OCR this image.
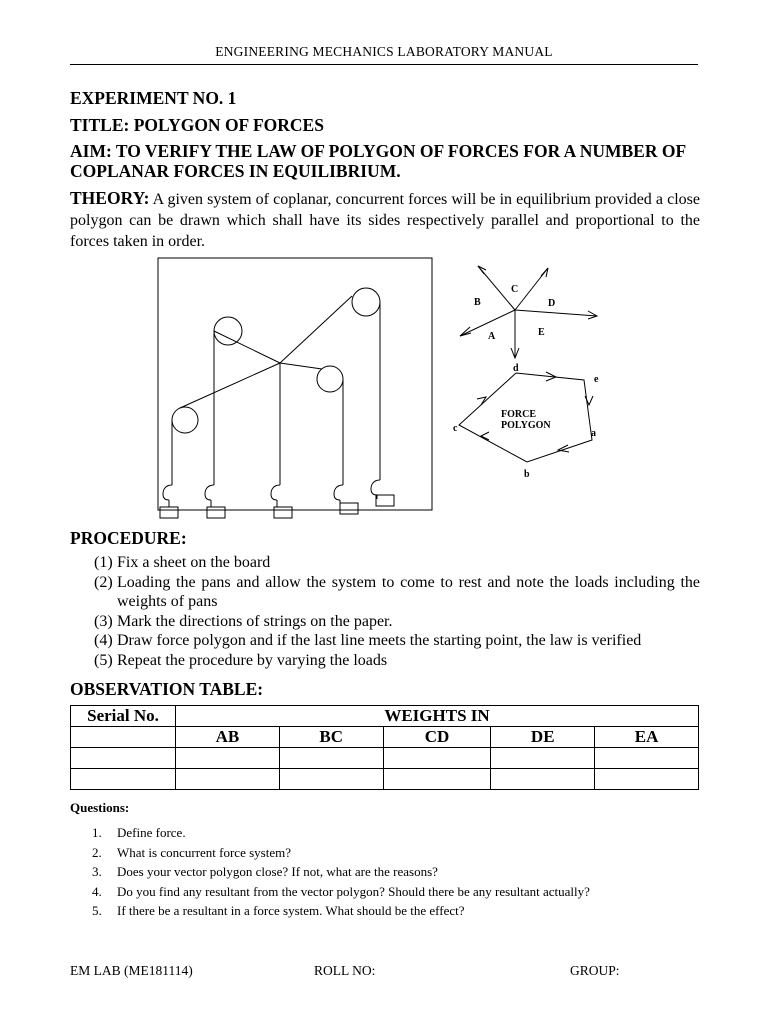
ENGINEERING MECHANICS LABORATORY MANUAL
EXPERIMENT NO. 1
TITLE: POLYGON OF FORCES
AIM: TO VERIFY THE LAW OF POLYGON OF FORCES FOR A NUMBER OF COPLANAR FORCES IN EQUILIBRIUM.
THEORY: A given system of coplanar, concurrent forces will be in equilibrium provided a close polygon can be drawn which shall have its sides respectively parallel and proportional to the forces taken in order.
C
B	D
A	E
FORCE
POLYGON
d
e
c	a
b
PROCEDURE:
(1) Fix a sheet on the board
(2) Loading the pans and allow the system to come to rest and note the loads including the weights of pans
(3) Mark the directions of strings on the paper.
(4) Draw force polygon and if the last line meets the starting point, the law is verified
(5) Repeat the procedure by varying the loads
OBSERVATION TABLE:
Serial No.	WEIGHTS IN				
	AB	BC	CD	DE	EA

Questions:
1. Define force.
2. What is concurrent force system?
3. Does your vector polygon close? If not, what are the reasons?
4. Do you find any resultant from the vector polygon? Should there be any resultant actually?
5. If there be a resultant in a force system. What should be the effect?
EM LAB (ME181114)	ROLL NO:	GROUP:
